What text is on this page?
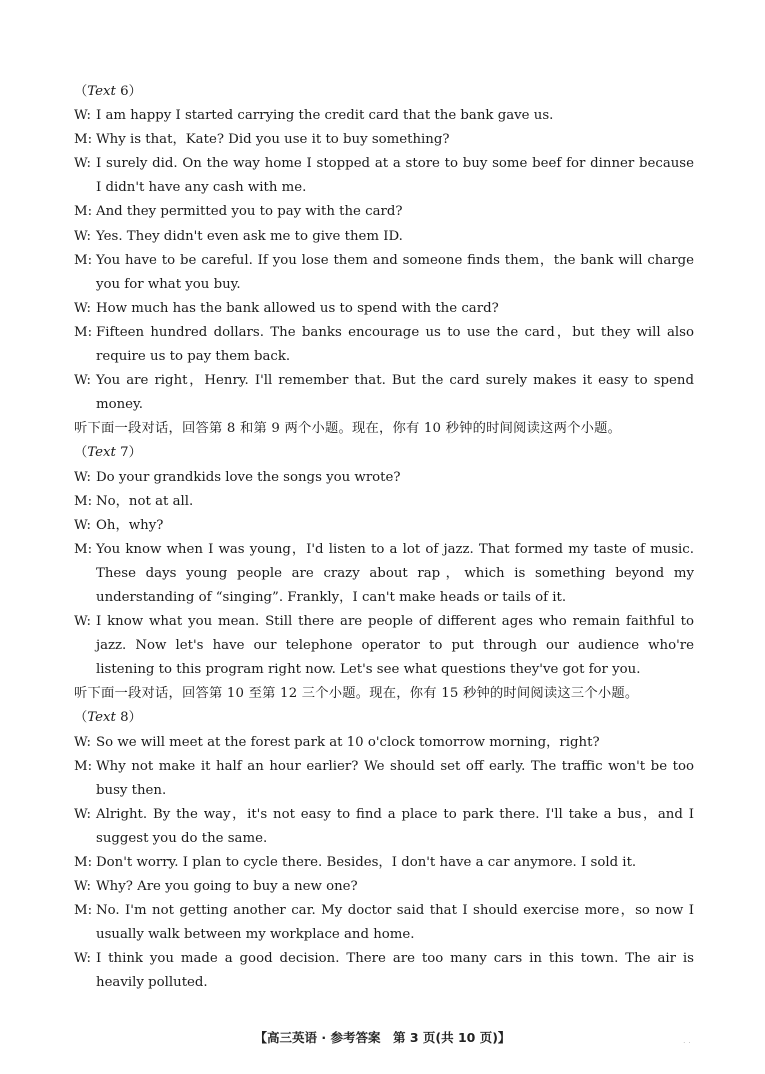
（Text 6）
W: I am happy I started carrying the credit card that the bank gave us.
M: Why is that，Kate? Did you use it to buy something?
W: I surely did. On the way home I stopped at a store to buy some beef for dinner because I didn't have any cash with me.
M: And they permitted you to pay with the card?
W: Yes. They didn't even ask me to give them ID.
M: You have to be careful. If you lose them and someone finds them，the bank will charge you for what you buy.
W: How much has the bank allowed us to spend with the card?
M: Fifteen hundred dollars. The banks encourage us to use the card，but they will also require us to pay them back.
W: You are right，Henry. I'll remember that. But the card surely makes it easy to spend money.
听下面一段对话，回答第 8 和第 9 两个小题。现在，你有 10 秒钟的时间阅读这两个小题。
（Text 7）
W: Do your grandkids love the songs you wrote?
M: No，not at all.
W: Oh，why?
M: You know when I was young，I'd listen to a lot of jazz. That formed my taste of music. These days young people are crazy about rap，which is something beyond my understanding of “singing”. Frankly，I can't make heads or tails of it.
W: I know what you mean. Still there are people of different ages who remain faithful to jazz. Now let's have our telephone operator to put through our audience who're listening to this program right now. Let's see what questions they've got for you.
听下面一段对话，回答第 10 至第 12 三个小题。现在，你有 15 秒钟的时间阅读这三个小题。
（Text 8）
W: So we will meet at the forest park at 10 o'clock tomorrow morning，right?
M: Why not make it half an hour earlier? We should set off early. The traffic won't be too busy then.
W: Alright. By the way，it's not easy to find a place to park there. I'll take a bus，and I suggest you do the same.
M: Don't worry. I plan to cycle there. Besides，I don't have a car anymore. I sold it.
W: Why? Are you going to buy a new one?
M: No. I'm not getting another car. My doctor said that I should exercise more，so now I usually walk between my workplace and home.
W: I think you made a good decision. There are too many cars in this town. The air is heavily polluted.
【高三英语 · 参考答案　第 3 页(共 10 页)】	. .
